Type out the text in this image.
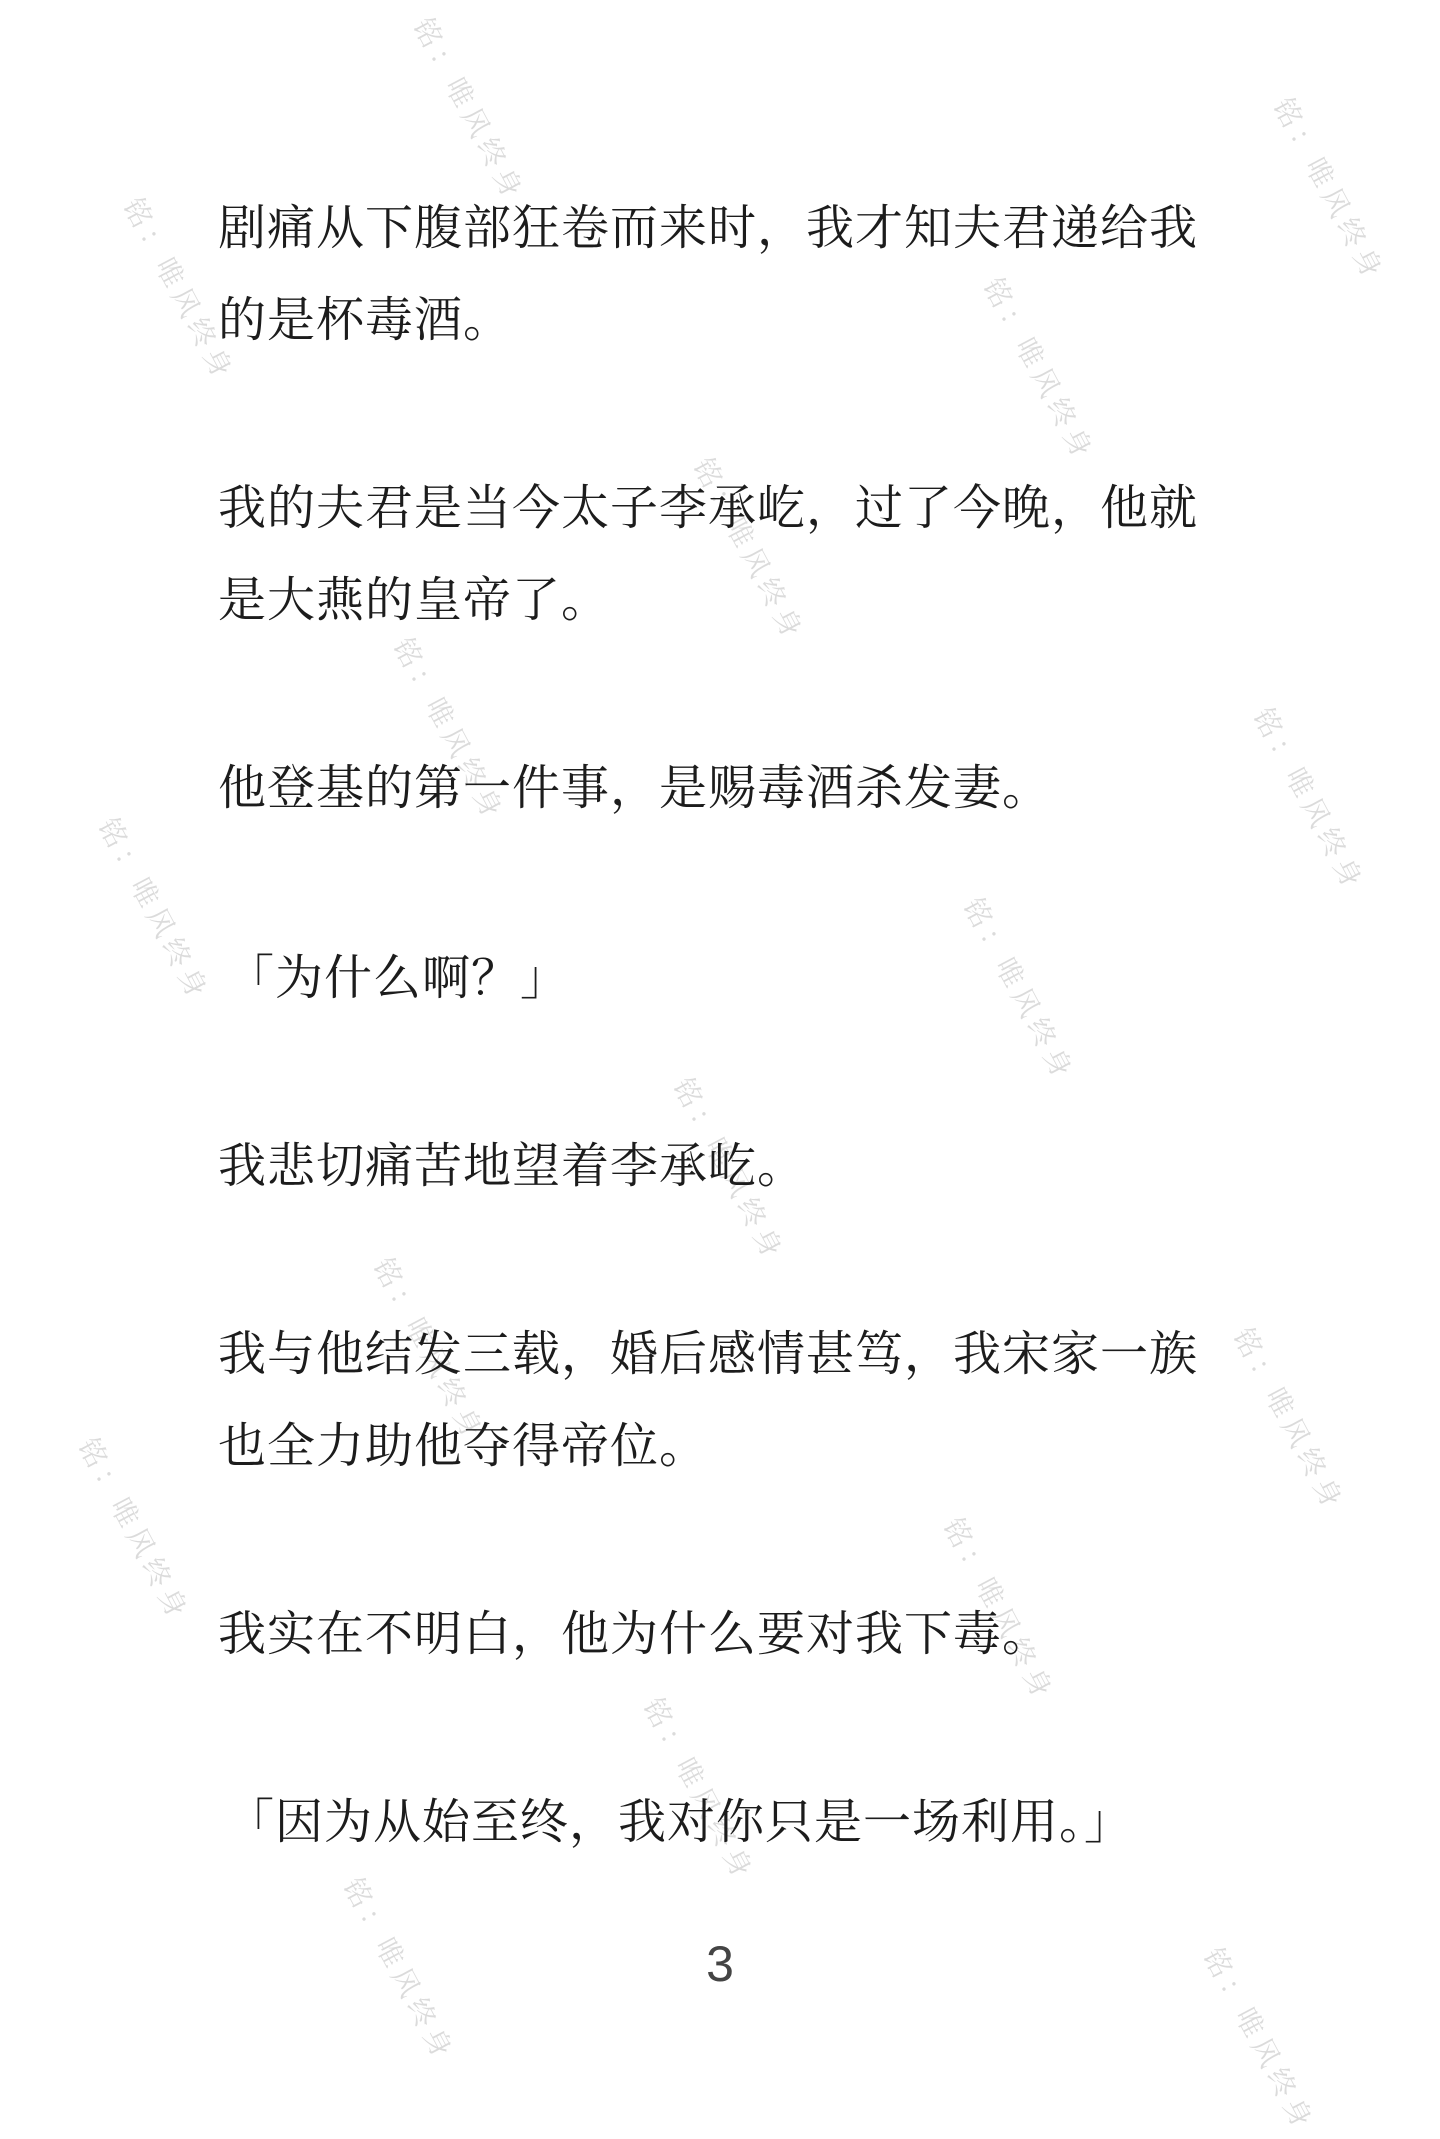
铭：唯风终身	铭：唯风终身
铭：唯风终身	铭：唯风终身
铭：唯风终身
铭：唯风终身	铭：唯风终身
铭：唯风终身	铭：唯风终身
铭：唯风终身
铭：唯风终身	铭：唯风终身
铭：唯风终身	铭：唯风终身
铭：唯风终身
铭：唯风终身	铭：唯风终身

剧痛从下腹部狂卷而来时，我才知夫君递给我的是杯毒酒。

我的夫君是当今太子李承屹，过了今晚，他就是大燕的皇帝了。

他登基的第一件事，是赐毒酒杀发妻。

「为什么啊？」

我悲切痛苦地望着李承屹。

我与他结发三载，婚后感情甚笃，我宋家一族也全力助他夺得帝位。

我实在不明白，他为什么要对我下毒。

「因为从始至终，我对你只是一场利用。」

3
